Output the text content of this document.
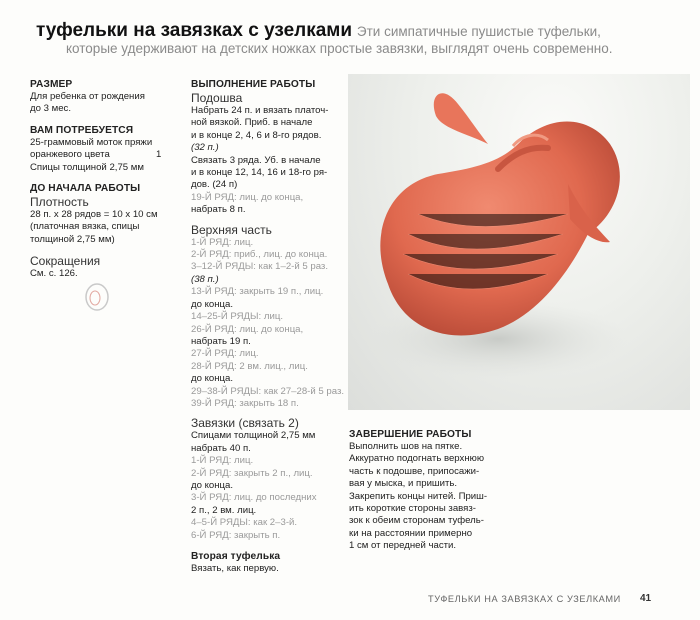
туфельки на завязках с узелками Эти симпатичные пушистые туфельки,
которые удерживают на детских ножках простые завязки, выглядят очень современно.
РАЗМЕР
Для ребенка от рождения
до 3 мес.
ВАМ ПОТРЕБУЕТСЯ
25-граммовый моток пряжи
оранжевого цвета	1
Спицы толщиной 2,75 мм
ДО НАЧАЛА РАБОТЫ
Плотность
28 п. x 28 рядов = 10 x 10 см
(платочная вязка, спицы
толщиной 2,75 мм)
Сокращения
См. с. 126.
ВЫПОЛНЕНИЕ РАБОТЫ
Подошва
Набрать 24 п. и вязать платоч-
ной вязкой. Приб. в начале
и в конце 2, 4, 6 и 8-го рядов.
(32 п.)
Связать 3 ряда. Уб. в начале
и в конце 12, 14, 16 и 18-го ря-
дов. (24 п)
19-Й РЯД: лиц. до конца,
набрать 8 п.
Верхняя часть
1-Й РЯД: лиц.
2-Й РЯД: приб., лиц. до конца.
3–12-Й РЯДЫ: как 1–2-й 5 раз.
(38 п.)
13-Й РЯД: закрыть 19 п., лиц.
до конца.
14–25-Й РЯДЫ: лиц.
26-Й РЯД: лиц. до конца,
набрать 19 п.
27-Й РЯД: лиц.
28-Й РЯД: 2 вм. лиц., лиц.
до конца.
29–38-Й РЯДЫ: как 27–28-й 5 раз.
39-Й РЯД: закрыть 18 п.
Завязки (связать 2)
Спицами толщиной 2,75 мм
набрать 40 п.
1-Й РЯД: лиц.
2-Й РЯД: закрыть 2 п., лиц.
до конца.
3-Й РЯД: лиц. до последних
2 п., 2 вм. лиц.
4–5-Й РЯДЫ: как 2–3-й.
6-Й РЯД: закрыть п.
Вторая туфелька
Вязать, как первую.
ЗАВЕРШЕНИЕ РАБОТЫ
Выполнить шов на пятке.
Аккуратно подогнать верхнюю
часть к подошве, припосажи-
вая у мыска, и пришить.
Закрепить концы нитей. Приш-
ить короткие стороны завяз-
зок к обеим сторонам туфель-
ки на расстоянии примерно
1 см от передней части.
ТУФЕЛЬКИ НА ЗАВЯЗКАХ С УЗЕЛКАМИ 41
